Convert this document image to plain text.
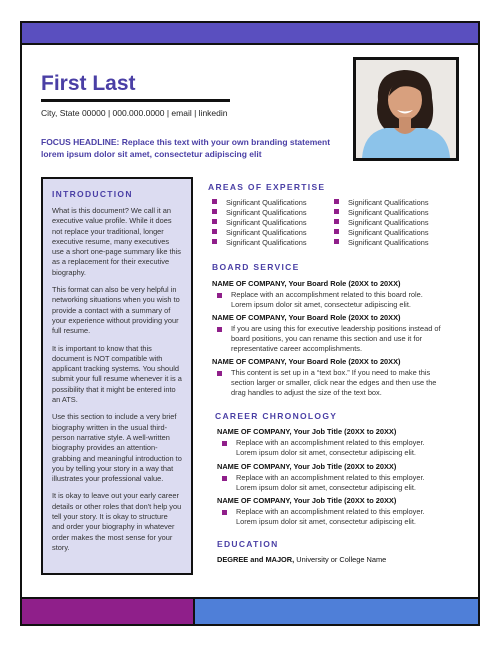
First Last
City, State 00000 | 000.000.0000 | email | linkedin
FOCUS HEADLINE: Replace this text with your own branding statement
lorem ipsum dolor sit amet, consectetur adipiscing elit
INTRODUCTION

What is this document? We call it an executive value profile. While it does not replace your traditional, longer executive resume, many executives use a short one-page summary like this as a replacement for their executive biography.

This format can also be very helpful in networking situations when you wish to provide a contact with a summary of your experience without providing your full resume.

It is important to know that this document is NOT compatible with applicant tracking systems. You should submit your full resume whenever it is a possibility that it might be entered into an ATS.

Use this section to include a very brief biography written in the usual third-person narrative style. A well-written biography provides an attention-grabbing and meaningful introduction to you by telling your story in a way that illustrates your professional value.

It is okay to leave out your early career details or other roles that don't help you tell your story. It is okay to structure and order your biography in whatever order makes the most sense for your story.

AREAS OF EXPERTISE
Significant Qualifications
Significant Qualifications
Significant Qualifications
Significant Qualifications
Significant Qualifications
Significant Qualifications
Significant Qualifications
Significant Qualifications
Significant Qualifications
Significant Qualifications
BOARD SERVICE
NAME OF COMPANY, Your Board Role (20XX to 20XX)
Replace with an accomplishment related to this board role.
Lorem ipsum dolor sit amet, consectetur adipiscing elit.
NAME OF COMPANY, Your Board Role (20XX to 20XX)
If you are using this for executive leadership positions instead of
board positions, you can rename this section and use it for
representative career accomplishments.
NAME OF COMPANY, Your Board Role (20XX to 20XX)
This content is set up in a “text box.” If you need to make this
section larger or smaller, click near the edges and then use the
drag handles to adjust the size of the text box.
CAREER CHRONOLOGY
NAME OF COMPANY, Your Job Title (20XX to 20XX)
Replace with an accomplishment related to this employer.
Lorem ipsum dolor sit amet, consectetur adipiscing elit.
NAME OF COMPANY, Your Job Title (20XX to 20XX)
Replace with an accomplishment related to this employer.
Lorem ipsum dolor sit amet, consectetur adipiscing elit.
NAME OF COMPANY, Your Job Title (20XX to 20XX)
Replace with an accomplishment related to this employer.
Lorem ipsum dolor sit amet, consectetur adipiscing elit.
EDUCATION
DEGREE and MAJOR, University or College Name
